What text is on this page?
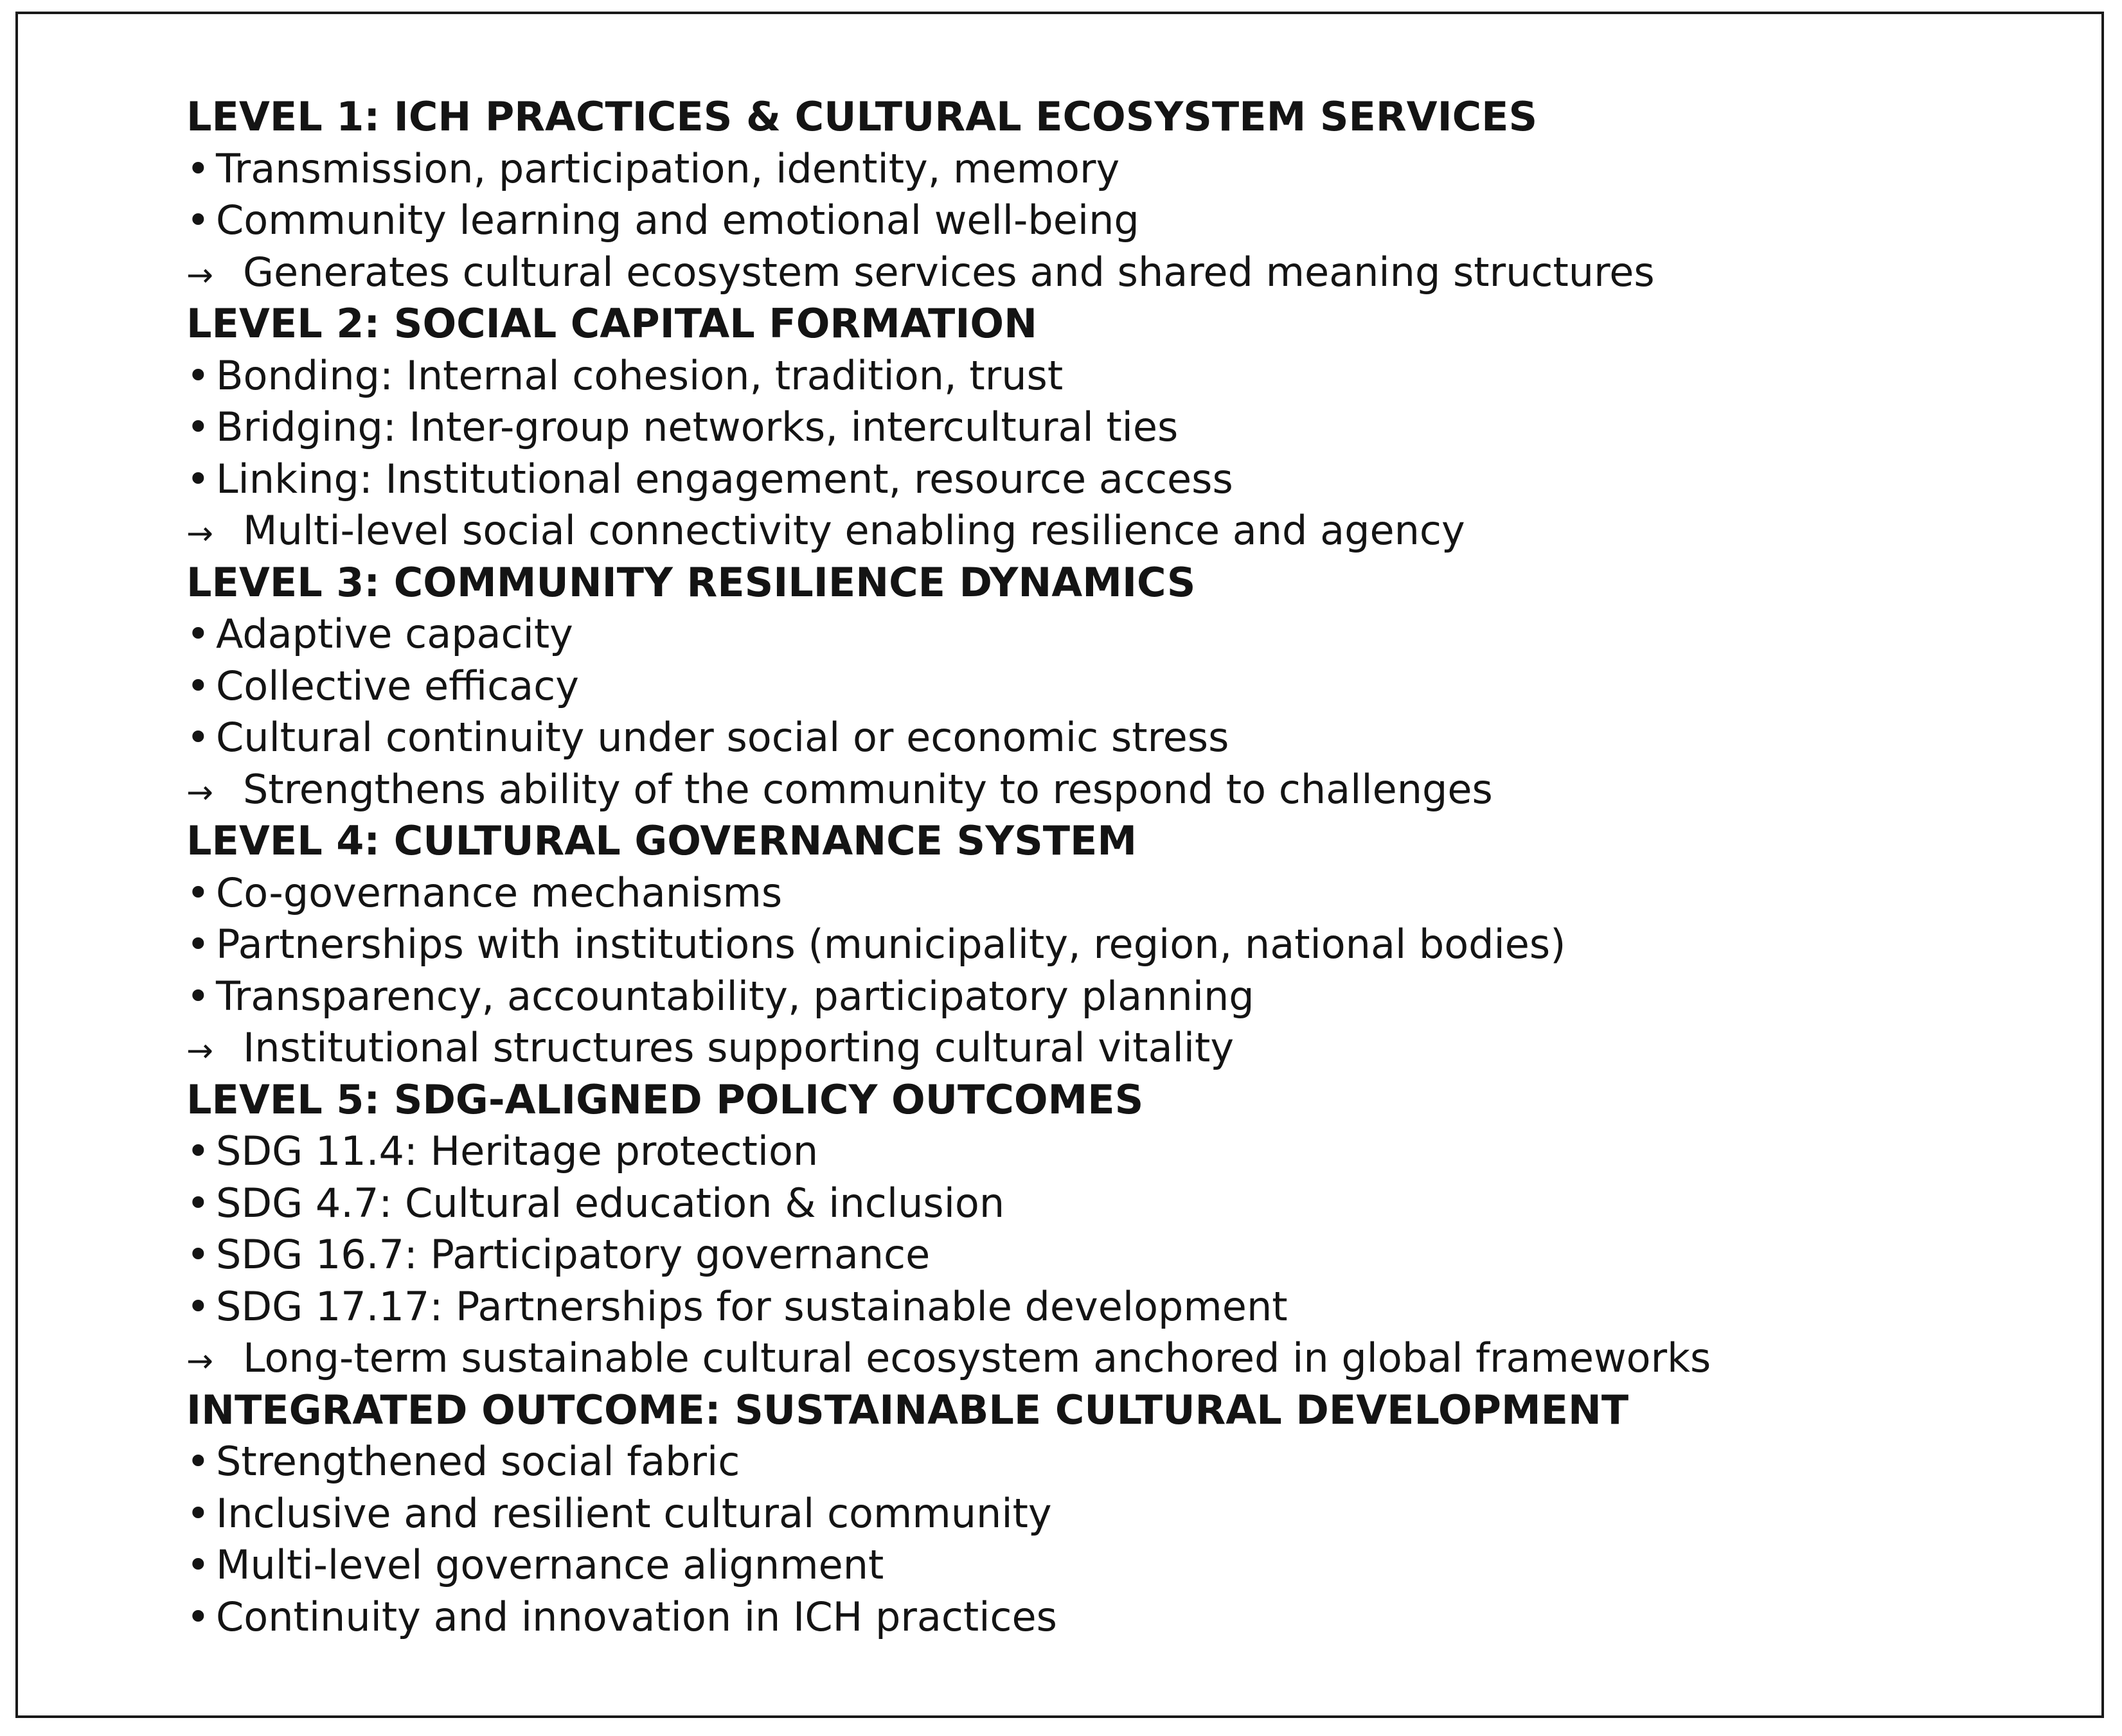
LEVEL 1: ICH PRACTICES & CULTURAL ECOSYSTEM SERVICES
• Transmission, participation, identity, memory
• Community learning and emotional well-being
→ Generates cultural ecosystem services and shared meaning structures
LEVEL 2: SOCIAL CAPITAL FORMATION
• Bonding: Internal cohesion, tradition, trust
• Bridging: Inter-group networks, intercultural ties
• Linking: Institutional engagement, resource access
→ Multi-level social connectivity enabling resilience and agency
LEVEL 3: COMMUNITY RESILIENCE DYNAMICS
• Adaptive capacity
• Collective efficacy
• Cultural continuity under social or economic stress
→ Strengthens ability of the community to respond to challenges
LEVEL 4: CULTURAL GOVERNANCE SYSTEM
• Co-governance mechanisms
• Partnerships with institutions (municipality, region, national bodies)
• Transparency, accountability, participatory planning
→ Institutional structures supporting cultural vitality
LEVEL 5: SDG-ALIGNED POLICY OUTCOMES
• SDG 11.4: Heritage protection
• SDG 4.7: Cultural education & inclusion
• SDG 16.7: Participatory governance
• SDG 17.17: Partnerships for sustainable development
→ Long-term sustainable cultural ecosystem anchored in global frameworks
INTEGRATED OUTCOME: SUSTAINABLE CULTURAL DEVELOPMENT
• Strengthened social fabric
• Inclusive and resilient cultural community
• Multi-level governance alignment
• Continuity and innovation in ICH practices
